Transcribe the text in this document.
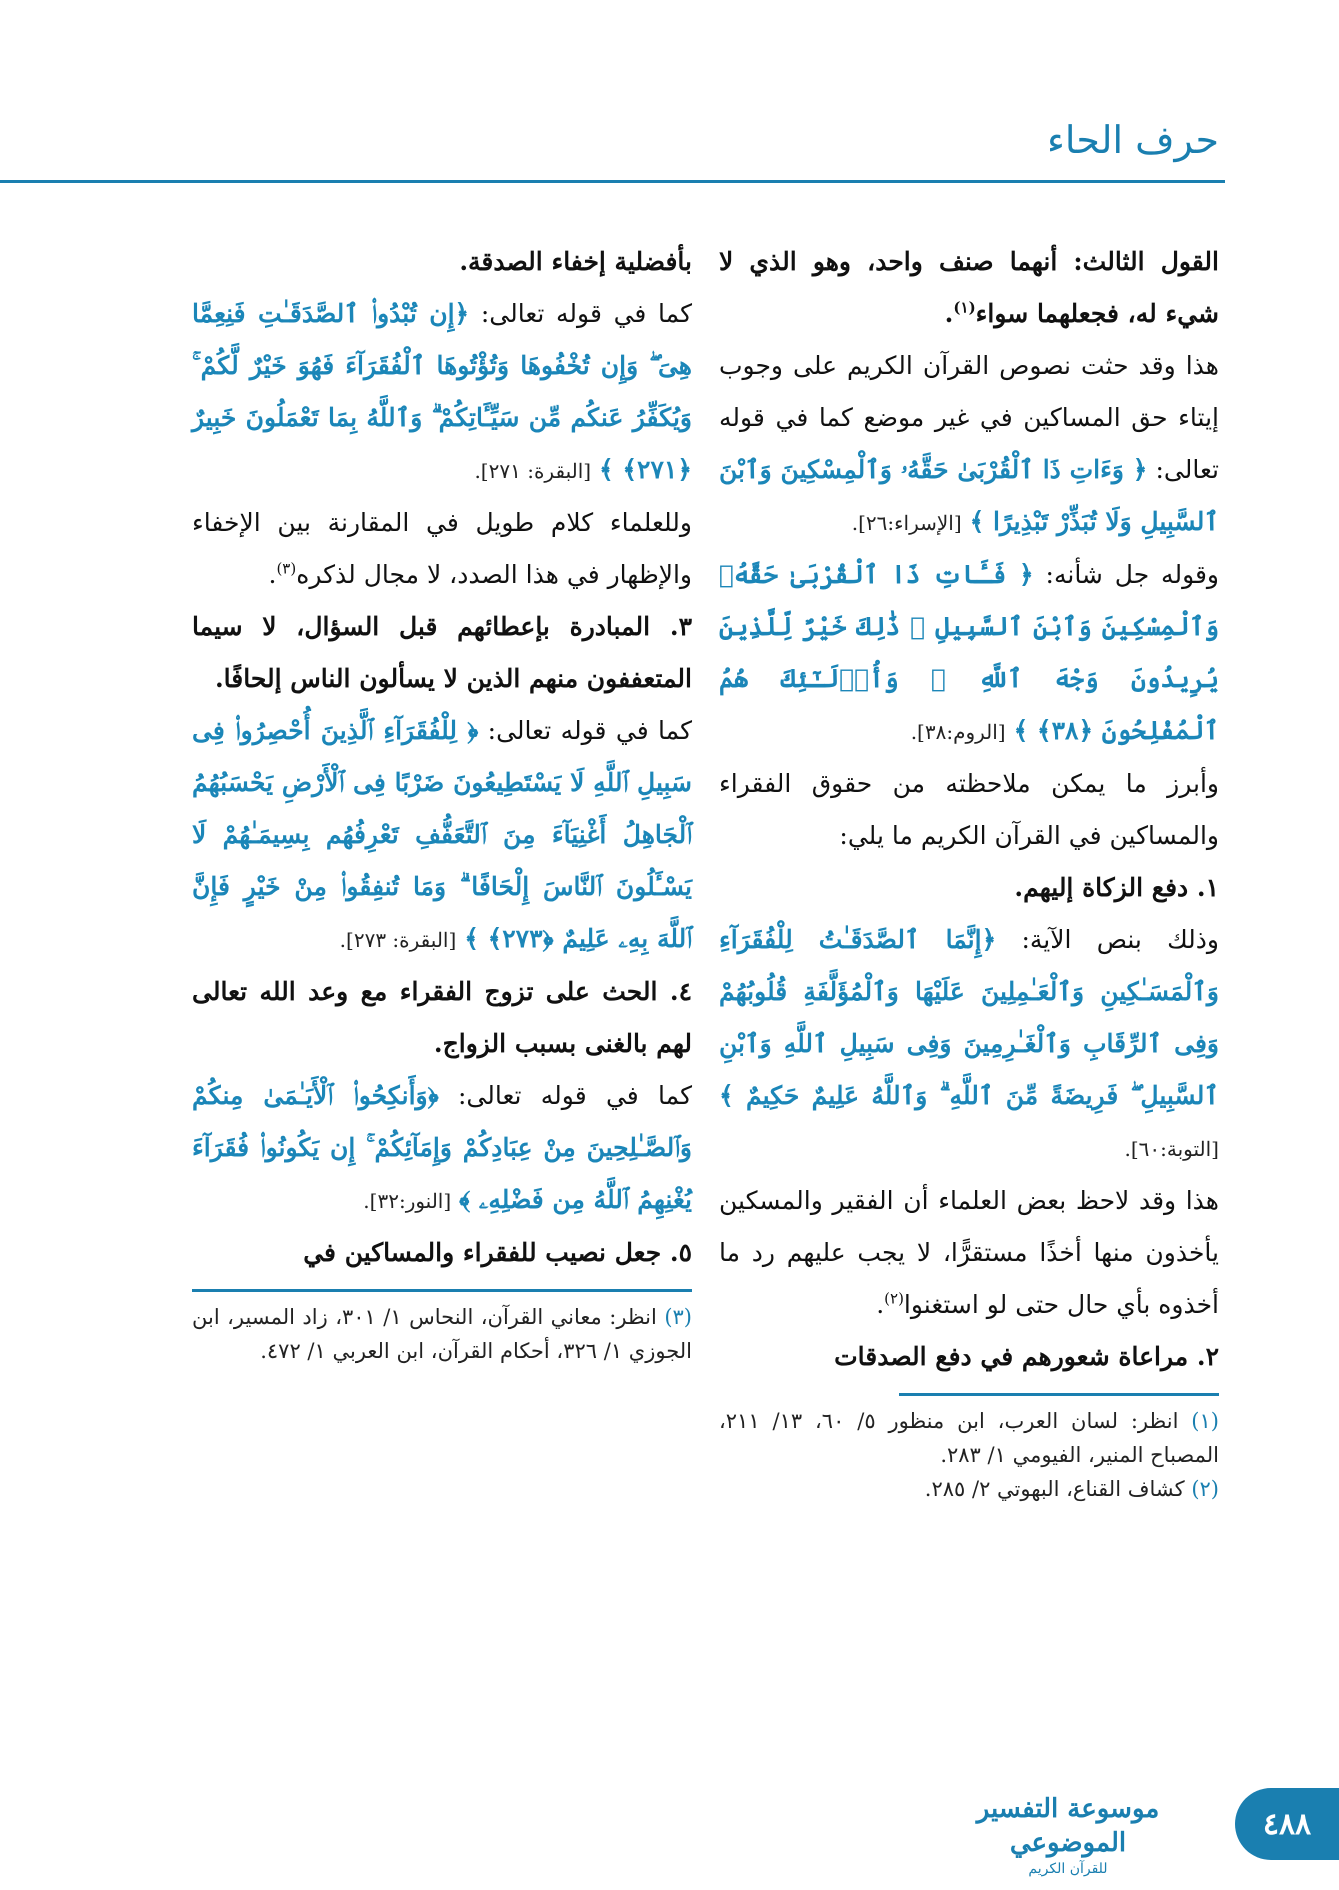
حرف الحاء

القول الثالث: أنهما صنف واحد، وهو الذي لا شيء له، فجعلهما سواء$^{(١)}$.

هذا وقد حثت نصوص القرآن الكريم على وجوب إيتاء حق المساكين في غير موضع كما في قوله تعالى: ﴿ وَءَاتِ ذَا ٱلْقُرْبَىٰ حَقَّهُۥ وَٱلْمِسْكِينَ وَٱبْنَ ٱلسَّبِيلِ وَلَا تُبَذِّرْ تَبْذِيرًا ﴾ [الإسراء:٢٦].

وقوله جل شأنه: ﴿ فَـَٔاتِ ذَا ٱلْقُرْبَىٰ حَقَّهُۥ وَٱلْمِسْكِينَ وَٱبْنَ ٱلسَّبِيلِ ۚ ذَٰلِكَ خَيْرٌ لِّلَّذِينَ يُرِيدُونَ وَجْهَ ٱللَّهِ ۖ وَأُو۟لَـٰٓئِكَ هُمُ ٱلْمُفْلِحُونَ ﴿٣٨﴾ ﴾ [الروم:٣٨].

وأبرز ما يمكن ملاحظته من حقوق الفقراء والمساكين في القرآن الكريم ما يلي:

١. دفع الزكاة إليهم.

وذلك بنص الآية: ﴿إِنَّمَا ٱلصَّدَقَـٰتُ لِلْفُقَرَآءِ وَٱلْمَسَـٰكِينِ وَٱلْعَـٰمِلِينَ عَلَيْهَا وَٱلْمُؤَلَّفَةِ قُلُوبُهُمْ وَفِى ٱلرِّقَابِ وَٱلْغَـٰرِمِينَ وَفِى سَبِيلِ ٱللَّهِ وَٱبْنِ ٱلسَّبِيلِ ۖ فَرِيضَةً مِّنَ ٱللَّهِ ۗ وَٱللَّهُ عَلِيمٌ حَكِيمٌ ﴾ [التوبة:٦٠].

هذا وقد لاحظ بعض العلماء أن الفقير والمسكين يأخذون منها أخذًا مستقرًّا، لا يجب عليهم رد ما أخذوه بأي حال حتى لو استغنوا$^{(٢)}$.

٢. مراعاة شعورهم في دفع الصدقات

(١) انظر: لسان العرب، ابن منظور ٥/ ٦٠، ١٣/ ٢١١، المصباح المنير، الفيومي ١/ ٢٨٣.
(٢) كشاف القناع، البهوتي ٢/ ٢٨٥.

بأفضلية إخفاء الصدقة.

كما في قوله تعالى: ﴿إِن تُبْدُوا۟ ٱلصَّدَقَـٰتِ فَنِعِمَّا هِىَ ۖ وَإِن تُخْفُوهَا وَتُؤْتُوهَا ٱلْفُقَرَآءَ فَهُوَ خَيْرٌ لَّكُمْ ۚ وَيُكَفِّرُ عَنكُم مِّن سَيِّـَٔاتِكُمْ ۗ وَٱللَّهُ بِمَا تَعْمَلُونَ خَبِيرٌ ﴿٢٧١﴾ ﴾ [البقرة: ٢٧١].

وللعلماء كلام طويل في المقارنة بين الإخفاء والإظهار في هذا الصدد، لا مجال لذكره$^{(٣)}$.

٣. المبادرة بإعطائهم قبل السؤال، لا سيما المتعففون منهم الذين لا يسألون الناس إلحافًا.

كما في قوله تعالى: ﴿ لِلْفُقَرَآءِ ٱلَّذِينَ أُحْصِرُوا۟ فِى سَبِيلِ ٱللَّهِ لَا يَسْتَطِيعُونَ ضَرْبًا فِى ٱلْأَرْضِ يَحْسَبُهُمُ ٱلْجَاهِلُ أَغْنِيَآءَ مِنَ ٱلتَّعَفُّفِ تَعْرِفُهُم بِسِيمَـٰهُمْ لَا يَسْـَٔلُونَ ٱلنَّاسَ إِلْحَافًا ۗ وَمَا تُنفِقُوا۟ مِنْ خَيْرٍ فَإِنَّ ٱللَّهَ بِهِۦ عَلِيمٌ ﴿٢٧٣﴾ ﴾ [البقرة: ٢٧٣].

٤. الحث على تزوج الفقراء مع وعد الله تعالى لهم بالغنى بسبب الزواج.

كما في قوله تعالى: ﴿وَأَنكِحُوا۟ ٱلْأَيَـٰمَىٰ مِنكُمْ وَٱلصَّـٰلِحِينَ مِنْ عِبَادِكُمْ وَإِمَآئِكُمْ ۚ إِن يَكُونُوا۟ فُقَرَآءَ يُغْنِهِمُ ٱللَّهُ مِن فَضْلِهِۦ ﴾ [النور:٣٢].

٥. جعل نصيب للفقراء والمساكين في

(٣) انظر: معاني القرآن، النحاس ١/ ٣٠١، زاد المسير، ابن الجوزي ١/ ٣٢٦، أحكام القرآن، ابن العربي ١/ ٤٧٢.
موسوعة التفسير الموضوعي
للقرآن الكريم
٤٨٨
